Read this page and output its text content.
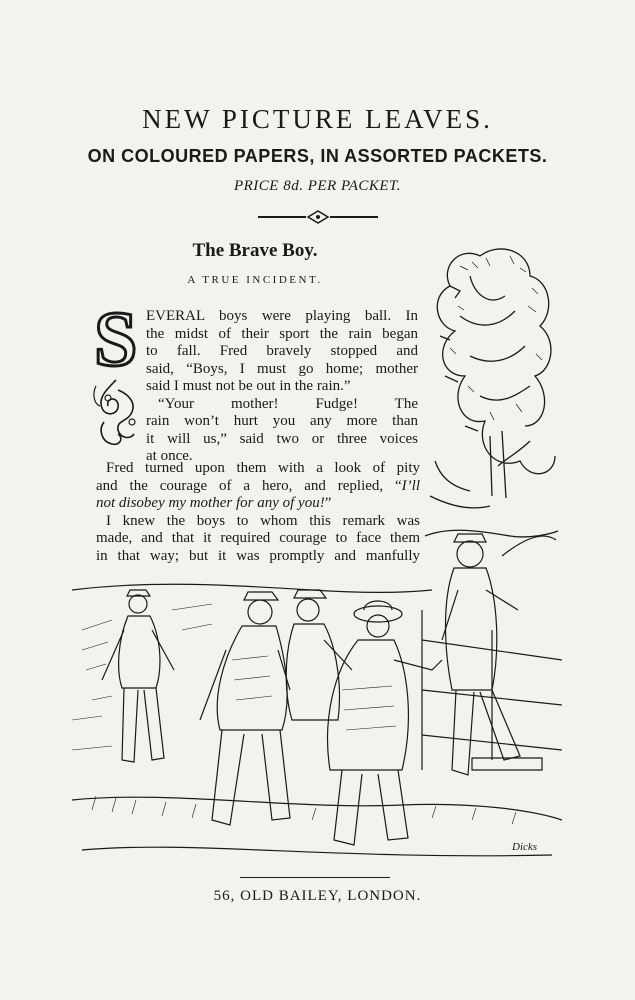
NEW PICTURE LEAVES.
ON COLOURED PAPERS, IN ASSORTED PACKETS.
PRICE 8d. PER PACKET.
The Brave Boy.
A TRUE INCIDENT.
S EVERAL boys were playing ball. In
the midst of their sport the rain began
to fall. Fred bravely stopped and
said, “Boys, I must go home; mother
said I must not be out in the rain.”
“Your mother! Fudge! The
rain won’t hurt you any more than
it will us,” said two or three voices
at once.
Fred turned upon them with a look of pity
and the courage of a hero, and replied, “I’ll
not disobey my mother for any of you!”
I knew the boys to whom this remark was
made, and that it required courage to face them
in that way; but it was promptly and manfully
Dicks
56, OLD BAILEY, LONDON.
